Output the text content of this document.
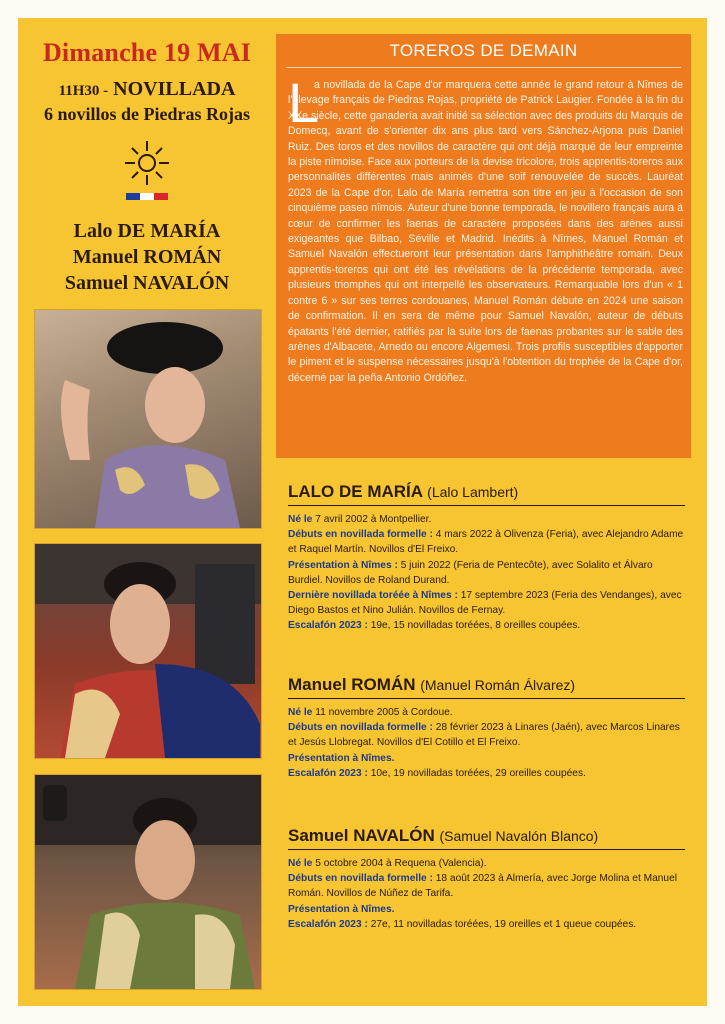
Dimanche 19 MAI
11H30 - NOVILLADA
6 novillos de Piedras Rojas
Lalo DE MARÍA
Manuel ROMÁN
Samuel NAVALÓN
TOREROS DE DEMAIN
L
a novillada de la Cape d'or marquera cette année le grand retour à Nîmes de l'élevage français de Piedras Rojas, propriété de Patrick Laugier. Fondée à la fin du XXe siècle, cette ganadería avait initié sa sélection avec des produits du Marquis de Domecq, avant de s'orienter dix ans plus tard vers Sánchez-Arjona puis Daniel Ruiz. Des toros et des novillos de caractère qui ont déjà marqué de leur empreinte la piste nîmoise. Face aux porteurs de la devise tricolore, trois apprentis-toreros aux personnalités différentes mais animés d'une soif renouvelée de succès. Lauréat 2023 de la Cape d'or, Lalo de María remettra son titre en jeu à l'occasion de son cinquième paseo nîmois. Auteur d'une bonne temporada, le novillero français aura à cœur de confirmer les faenas de caractère proposées dans des arènes aussi exigeantes que Bilbao, Séville et Madrid. Inédits à Nîmes, Manuel Román et Samuel Navalón effectueront leur présentation dans l'amphithéâtre romain. Deux apprentis-toreros qui ont été les révélations de la précédente temporada, avec plusieurs triomphes qui ont interpellé les observateurs. Remarquable lors d'un « 1 contre 6 » sur ses terres cordouanes, Manuel Román débute en 2024 une saison de confirmation. Il en sera de même pour Samuel Navalón, auteur de débuts épatants l'été dernier, ratifiés par la suite lors de faenas probantes sur le sable des arènes d'Albacete, Arnedo ou encore Algemesi. Trois profils susceptibles d'apporter le piment et le suspense nécessaires jusqu'à l'obtention du trophée de la Cape d'or, décerné par la peña Antonio Ordóñez.
LALO DE MARÍA (Lalo Lambert)
Né le 7 avril 2002 à Montpellier.
Débuts en novillada formelle : 4 mars 2022 à Olivenza (Feria), avec Alejandro Adame et Raquel Martín. Novillos d'El Freixo.
Présentation à Nîmes : 5 juin 2022 (Feria de Pentecôte), avec Solalito et Álvaro Burdiel. Novillos de Roland Durand.
Dernière novillada toréée à Nîmes : 17 septembre 2023 (Feria des Vendanges), avec Diego Bastos et Nino Julián. Novillos de Fernay.
Escalafón 2023 : 19e, 15 novilladas toréées, 8 oreilles coupées.
Manuel ROMÁN (Manuel Román Álvarez)
Né le 11 novembre 2005 à Cordoue.
Débuts en novillada formelle : 28 février 2023 à Linares (Jaén), avec Marcos Linares et Jesús Llobregat. Novillos d'El Cotillo et El Freixo.
Présentation à Nîmes.
Escalafón 2023 : 10e, 19 novilladas toréées, 29 oreilles coupées.
Samuel NAVALÓN (Samuel Navalón Blanco)
Né le 5 octobre 2004 à Requena (Valencia).
Débuts en novillada formelle : 18 août 2023 à Almería, avec Jorge Molina et Manuel Román. Novillos de Núñez de Tarifa.
Présentation à Nîmes.
Escalafón 2023 : 27e, 11 novilladas toréées, 19 oreilles et 1 queue coupées.
